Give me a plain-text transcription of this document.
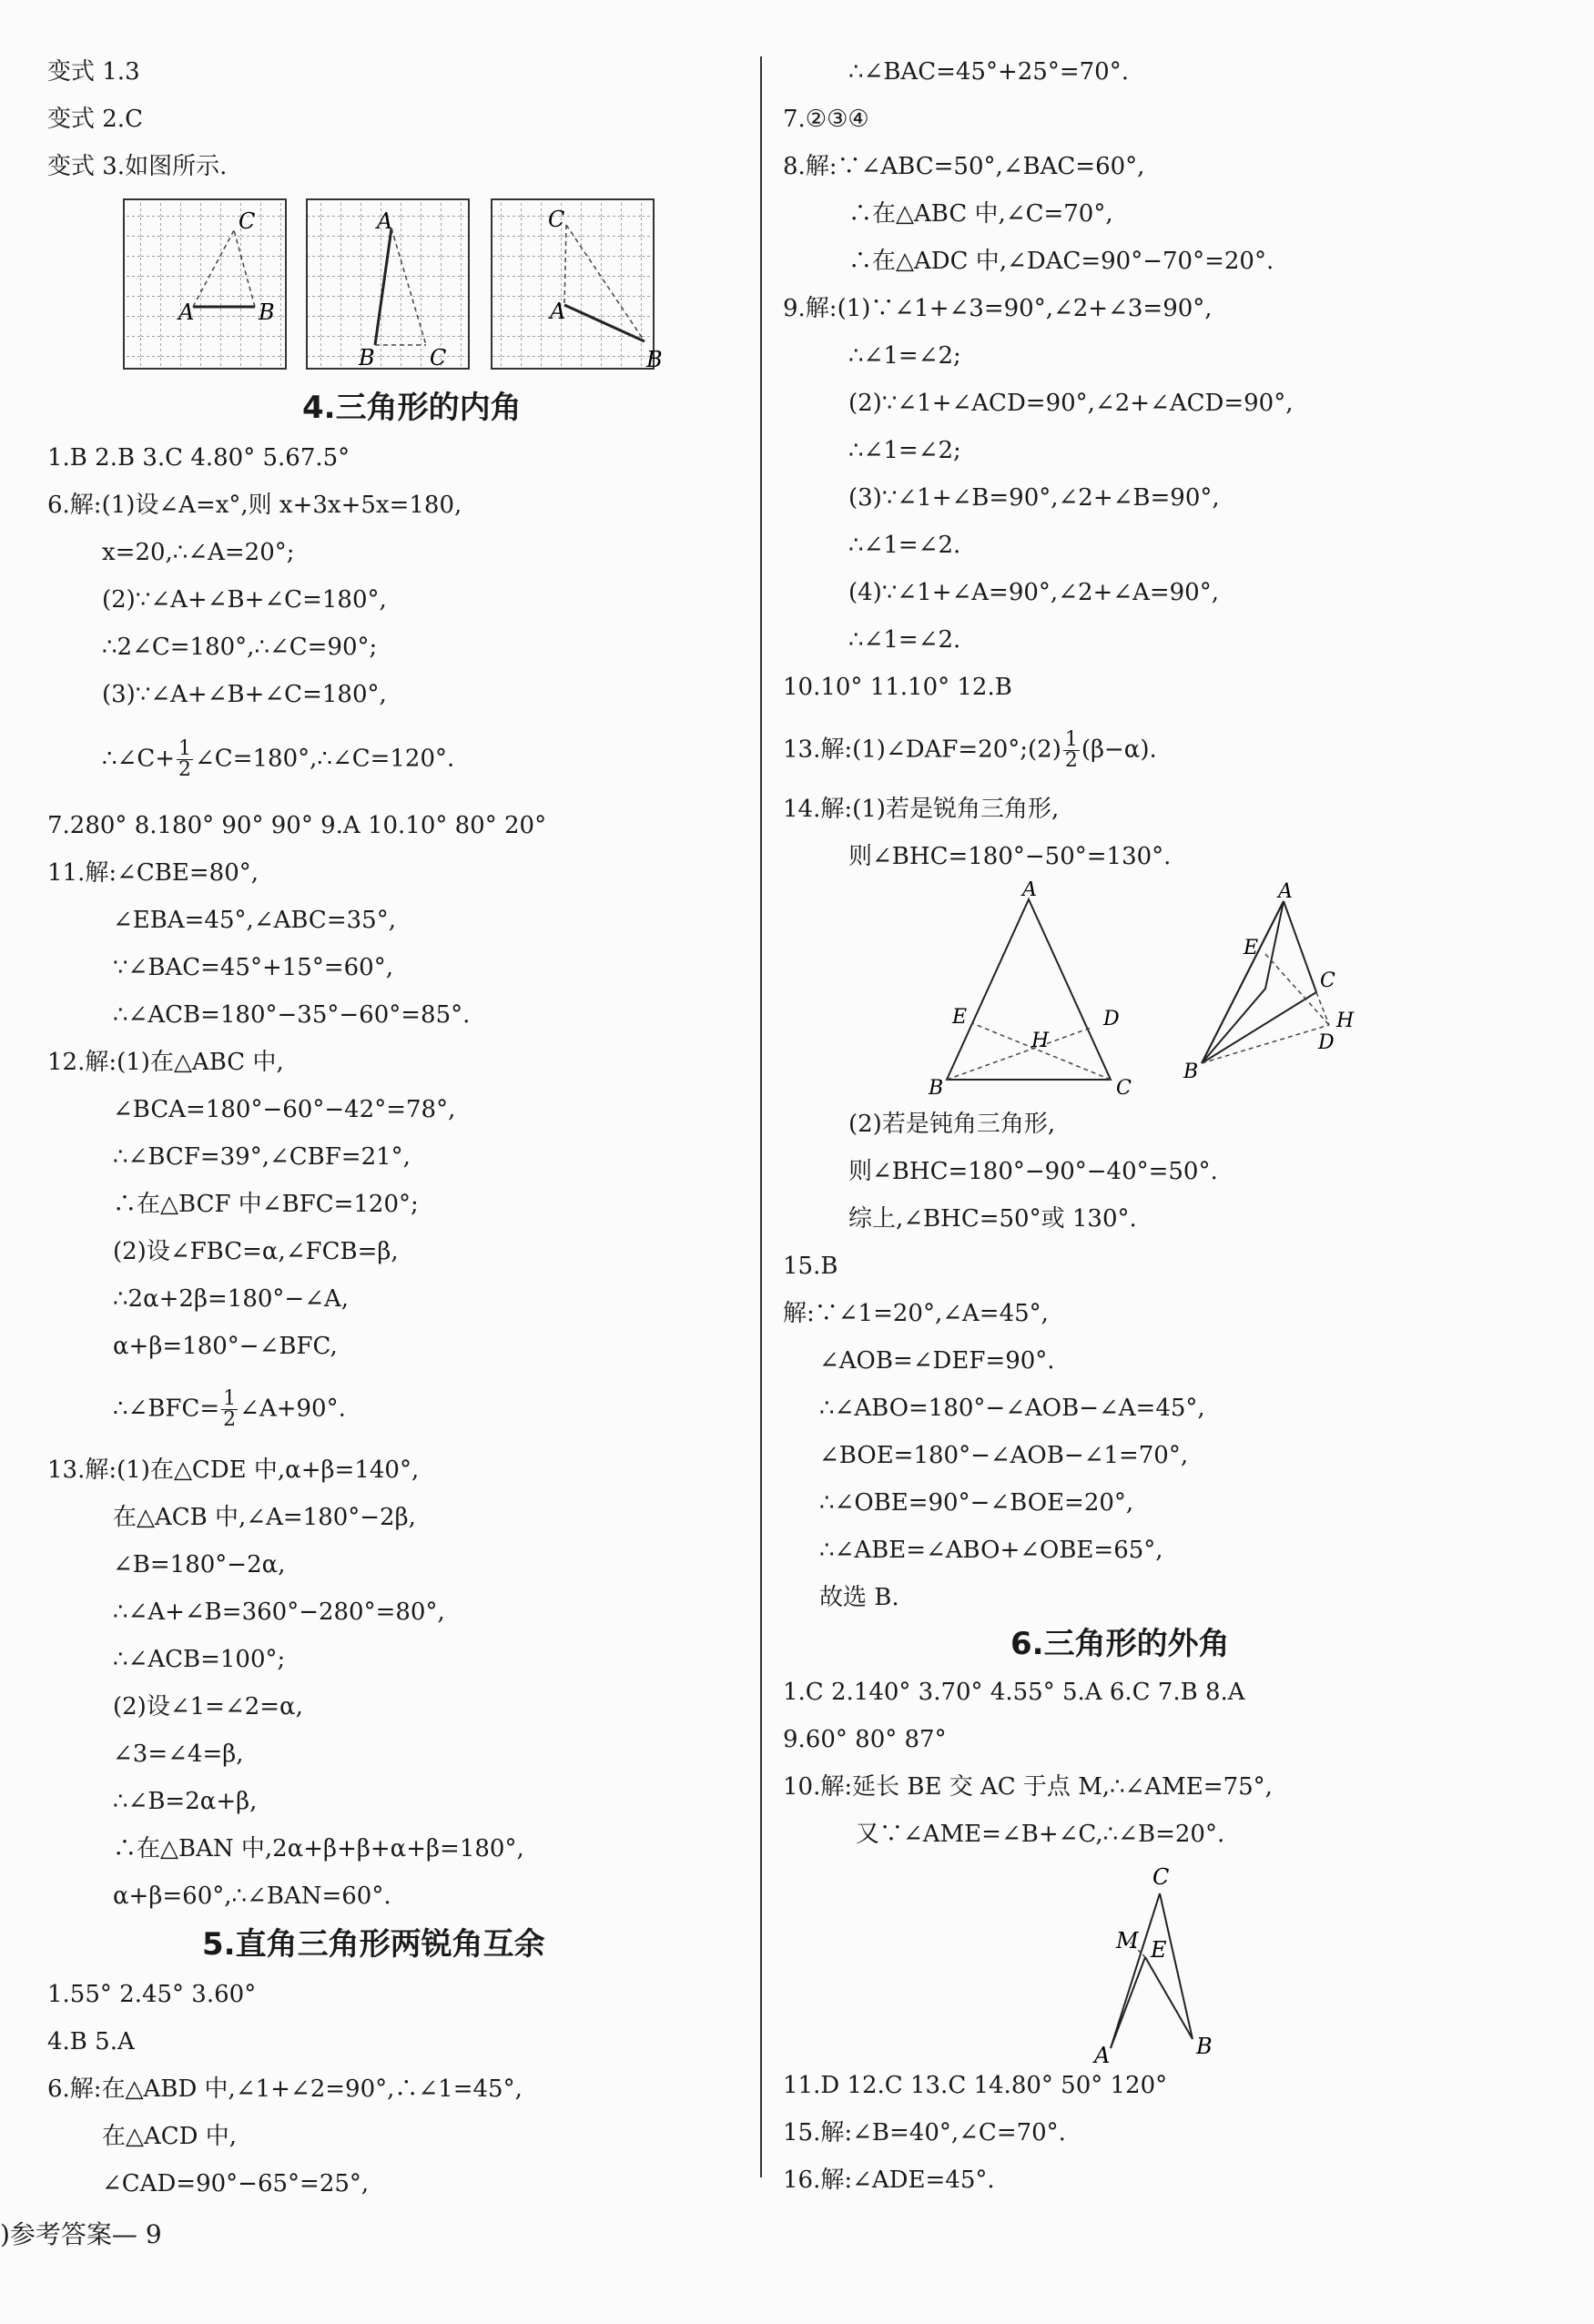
变式 1.3
变式 2.C
变式 3.如图所示.
C
A	B
A
B	C
C
A
B
4.三角形的内角
1.B 2.B 3.C 4.80° 5.67.5°
6.解:(1)设∠A=x°,则 x+3x+5x=180,
x=20,∴∠A=20°;
(2)∵∠A+∠B+∠C=180°,
∴2∠C=180°,∴∠C=90°;
(3)∵∠A+∠B+∠C=180°,
∴∠C+ $\frac{1}{2}$ ∠C=180°,∴∠C=120°.
7.280° 8.180° 90° 90° 9.A 10.10° 80° 20°
11.解:∠CBE=80°,
∠EBA=45°,∠ABC=35°,
∵∠BAC=45°+15°=60°,
∴∠ACB=180°−35°−60°=85°.
12.解:(1)在△ABC 中,
∠BCA=180°−60°−42°=78°,
∴∠BCF=39°,∠CBF=21°,
∴在△BCF 中∠BFC=120°;
(2)设∠FBC=α,∠FCB=β,
∴2α+2β=180°−∠A,
α+β=180°−∠BFC,
∴∠BFC= $\frac{1}{2}$ ∠A+90°.
13.解:(1)在△CDE 中,α+β=140°,
在△ACB 中,∠A=180°−2β,
∠B=180°−2α,
∴∠A+∠B=360°−280°=80°,
∴∠ACB=100°;
(2)设∠1=∠2=α,
∠3=∠4=β,
∴∠B=2α+β,
∴在△BAN 中,2α+β+β+α+β=180°,
α+β=60°,∴∠BAN=60°.
5.直角三角形两锐角互余
1.55° 2.45° 3.60°
4.B 5.A
6.解:在△ABD 中,∠1+∠2=90°,∴∠1=45°,
在△ACD 中,
∠CAD=90°−65°=25°,
∴∠BAC=45°+25°=70°.
7.②③④
8.解:∵∠ABC=50°,∠BAC=60°,
∴在△ABC 中,∠C=70°,
∴在△ADC 中,∠DAC=90°−70°=20°.
9.解:(1)∵∠1+∠3=90°,∠2+∠3=90°,
∴∠1=∠2;
(2)∵∠1+∠ACD=90°,∠2+∠ACD=90°,
∴∠1=∠2;
(3)∵∠1+∠B=90°,∠2+∠B=90°,
∴∠1=∠2.
(4)∵∠1+∠A=90°,∠2+∠A=90°,
∴∠1=∠2.
10.10° 11.10° 12.B
13.解:(1)∠DAF=20°;(2) $\frac{1}{2} (\beta-\alpha)$.
14.解:(1)若是锐角三角形,
则∠BHC=180°−50°=130°.
A
E
H
D
B	C
A
E
C
H
D
B
(2)若是钝角三角形,
则∠BHC=180°−90°−40°=50°.
综上,∠BHC=50°或 130°.
15.B
解:∵∠1=20°,∠A=45°,
∠AOB=∠DEF=90°.
∴∠ABO=180°−∠AOB−∠A=45°,
∠BOE=180°−∠AOB−∠1=70°,
∴∠OBE=90°−∠BOE=20°,
∴∠ABE=∠ABO+∠OBE=65°,
故选 B.
6.三角形的外角
1.C 2.140° 3.70° 4.55° 5.A 6.C 7.B 8.A
9.60° 80° 87°
10.解:延长 BE 交 AC 于点 M,∴∠AME=75°,
又∵∠AME=∠B+∠C,∴∠B=20°.
C
M E
A	B
11.D 12.C 13.C 14.80° 50° 120°
15.解:∠B=40°,∠C=70°.
16.解:∠ADE=45°.
)参考答案— 9
